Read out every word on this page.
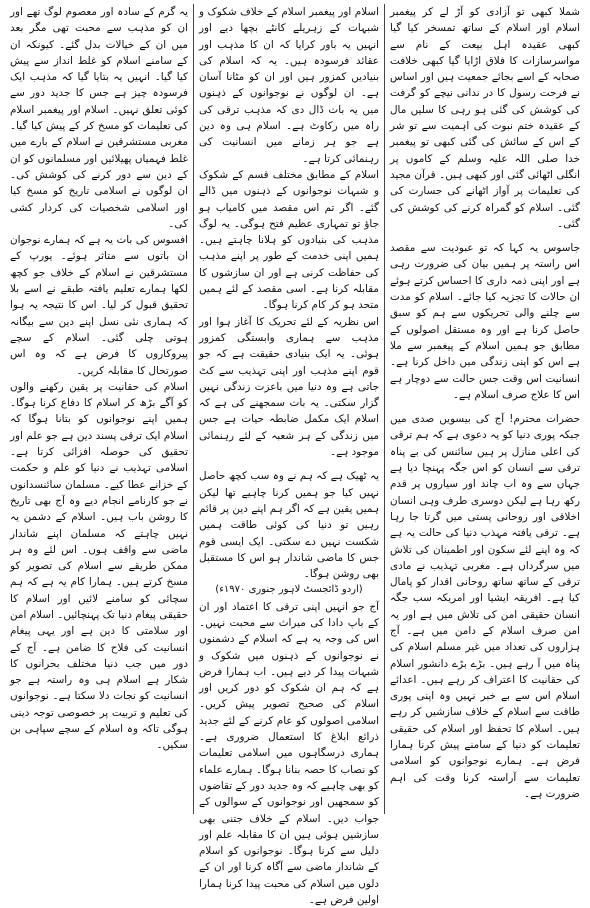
شملا کبھی تو آزادی کو آڑ لے کر پیغمبر اسلام اور اسلام کے ساتھ تمسخر کیا گیا کبھی عقیدہ اہل بیعت کے نام سے مواسرسازات کا فلاق اڑایا گیا کبھی خلافت صحابہ کے اسے بجائے جمعیت ہیں اور اساس نے فرحت رسول کا در ندانی نیچے کو گرفت کی کوشش کی گئی ہو رہی کا سلیں مال کے عقیدہ ختم نبوت کی اہمیت سے تو شر کے اس کے سائش کی گئی کبھی تو پیغمبر خدا صلی اللہ علیہ وسلم کے کاموں پر انگلی اٹھائی گئی اور کبھی ہیں۔ قرآن مجید کی تعلیمات پر آواز اٹھانے کی جسارت کی گئی۔ اسلام کو گمراہ کرنے کی کوشش کی گئی۔

جاسوس یہ کہا کہ تو عبودیت سے مقصد اس راستہ پر ہمیں بیان کی ضرورت رہی ہے اور اپنی ذمہ داری کا احساس کرتے ہوئے ان حالات کا تجزیہ کیا جائے۔ اسلام کو مدت سے چلنے والی تحریکوں سے ہم کو سبق حاصل کرنا ہے اور وہ مستقل اصولوں کے مطابق جو ہمیں اسلام کے پیغمبر سے ملا ہے اس کو اپنی زندگی میں داخل کرنا ہے۔ انسانیت اس وقت جس حالت سے دوچار ہے اس کا علاج صرف اسلام ہے۔

حضرات محترم! آج کی بیسویں صدی میں جبکہ پوری دنیا کو یہ دعوی ہے کہ ہم ترقی کی اعلی منازل پر ہیں سائنس کی بے پناہ ترقی سے انسان کو اس جگہ پہنچا دیا ہے جہاں سے وہ اب چاند اور سیاروں پر قدم رکھ رہا ہے لیکن دوسری طرف وہی انسان اخلاقی اور روحانی پستی میں گرتا جا رہا ہے۔ ترقی یافتہ مہذب دنیا کی حالت یہ ہے کہ وہ اپنے لئے سکون اور اطمینان کی تلاش میں سرگرداں ہے۔ مغربی تہذیب نے مادی ترقی کے ساتھ ساتھ روحانی اقدار کو پامال کیا ہے۔ افریقہ ایشیا اور امریکہ سب جگہ انسان حقیقی امن کی تلاش میں ہے اور یہ امن صرف اسلام کے دامن میں ہے۔ آج ہزاروں کی تعداد میں غیر مسلم اسلام کی پناہ میں آ رہے ہیں۔ بڑے بڑے دانشور اسلام کی حقانیت کا اعتراف کر رہے ہیں۔ اعدائے اسلام اس سے بے خبر نہیں وہ اپنی پوری طاقت سے اسلام کے خلاف سازشیں کر رہے ہیں۔ اسلام کا تحفظ اور اسلام کی حقیقی تعلیمات کو دنیا کے سامنے پیش کرنا ہمارا فرض ہے۔ ہمارے نوجوانوں کو اسلامی تعلیمات سے آراستہ کرنا وقت کی اہم ضرورت ہے۔

اسلام اور پیغمبر اسلام کے خلاف شکوک و شبہات کے زہریلے کانٹے بچھا دیے اور انہیں یہ باور کرایا کہ ان کا مذہب اور عقائد فرسودہ ہیں۔ یہ کہ اسلام کی بنیادیں کمزور ہیں اور ان کو مٹانا آسان ہے۔ ان لوگوں نے نوجوانوں کے ذہنوں میں یہ بات ڈال دی کہ مذہب ترقی کی راہ میں رکاوٹ ہے۔ اسلام ہی وہ دین ہے جو ہر زمانے میں انسانیت کی رہنمائی کرتا ہے۔

اسلام کے مطابق مختلف قسم کے شکوک و شبہات نوجوانوں کے ذہنوں میں ڈالے گئے۔ اگر تم اس مقصد میں کامیاب ہو جاؤ تو تمہاری عظیم فتح ہوگی۔ یہ لوگ مذہب کی بنیادوں کو ہلانا چاہتے ہیں۔ ہمیں اپنی خدمت کے طور پر اپنے مذہب کی حفاظت کرنی ہے اور ان سازشوں کا مقابلہ کرنا ہے۔ اسی مقصد کے لئے ہمیں متحد ہو کر کام کرنا ہوگا۔

اس نظریہ کے لئے تحریک کا آغاز ہوا اور مذہب سے ہماری وابستگی کمزور ہوئی۔ یہ ایک بنیادی حقیقت ہے کہ جو قوم اپنے مذہب اور اپنی تہذیب سے کٹ جاتی ہے وہ دنیا میں باعزت زندگی نہیں گزار سکتی۔ یہ بات سمجھنے کی ہے کہ اسلام ایک مکمل ضابطہ حیات ہے جس میں زندگی کے ہر شعبہ کے لئے رہنمائی موجود ہے۔

یہ ٹھیک ہے کہ ہم نے وہ سب کچھ حاصل نہیں کیا جو ہمیں کرنا چاہیے تھا لیکن ہمیں یقین ہے کہ اگر ہم اپنے دین پر قائم رہیں تو دنیا کی کوئی طاقت ہمیں شکست نہیں دے سکتی۔ ایک ایسی قوم جس کا ماضی شاندار ہو اس کا مستقبل بھی روشن ہوگا۔

(اردو ڈائجسٹ لاہور جنوری ۱۹۷۰ء)

آج جو انہیں اپنی ترقی کا اعتماد اور ان کے باپ دادا کی میراث سے محبت نہیں۔ اس کی وجہ یہ ہے کہ اسلام کے دشمنوں نے نوجوانوں کے ذہنوں میں شکوک و شبہات پیدا کر دیے ہیں۔ اب ہمارا فرض ہے کہ ہم ان شکوک کو دور کریں اور اسلام کی صحیح تصویر پیش کریں۔ اسلامی اصولوں کو عام کرنے کے لئے جدید ذرائع ابلاغ کا استعمال ضروری ہے۔ ہماری درسگاہوں میں اسلامی تعلیمات کو نصاب کا حصہ بنانا ہوگا۔ ہمارے علماء کو بھی چاہیے کہ وہ جدید دور کے تقاضوں کو سمجھیں اور نوجوانوں کے سوالوں کے جواب دیں۔ اسلام کے خلاف جتنی بھی سازشیں ہوئی ہیں ان کا مقابلہ علم اور دلیل سے کرنا ہوگا۔ نوجوانوں کو اسلام کے شاندار ماضی سے آگاہ کرنا اور ان کے دلوں میں اسلام کی محبت پیدا کرنا ہمارا اولین فرض ہے۔

یہ گرم کے سادہ اور معصوم لوگ تھے اور ان کو مذہب سے محبت تھی مگر بعد میں ان کے خیالات بدل گئے۔ کیونکہ ان کے سامنے اسلام کو غلط انداز سے پیش کیا گیا۔ انہیں یہ بتایا گیا کہ مذہب ایک فرسودہ چیز ہے جس کا جدید دور سے کوئی تعلق نہیں۔ اسلام اور پیغمبر اسلام کی تعلیمات کو مسخ کر کے پیش کیا گیا۔ مغربی مستشرقین نے اسلام کے بارے میں غلط فہمیاں پھیلائیں اور مسلمانوں کو ان کے دین سے دور کرنے کی کوشش کی۔ ان لوگوں نے اسلامی تاریخ کو مسخ کیا اور اسلامی شخصیات کی کردار کشی کی۔

افسوس کی بات یہ ہے کہ ہمارے نوجوان ان باتوں سے متاثر ہوئے۔ یورپ کے مستشرقین نے اسلام کے خلاف جو کچھ لکھا ہمارے تعلیم یافتہ طبقے نے اسے بلا تحقیق قبول کر لیا۔ اس کا نتیجہ یہ ہوا کہ ہماری نئی نسل اپنے دین سے بیگانہ ہوتی چلی گئی۔ اسلام کے سچے پیروکاروں کا فرض ہے کہ وہ اس صورتحال کا مقابلہ کریں۔

اسلام کی حقانیت پر یقین رکھنے والوں کو آگے بڑھ کر اسلام کا دفاع کرنا ہوگا۔ ہمیں اپنے نوجوانوں کو بتانا ہوگا کہ اسلام ایک ترقی پسند دین ہے جو علم اور تحقیق کی حوصلہ افزائی کرتا ہے۔ اسلامی تہذیب نے دنیا کو علم و حکمت کے خزانے عطا کیے۔ مسلمان سائنسدانوں نے جو کارنامے انجام دیے وہ آج بھی تاریخ کا روشن باب ہیں۔ اسلام کے دشمن یہ نہیں چاہتے کہ مسلمان اپنے شاندار ماضی سے واقف ہوں۔ اس لئے وہ ہر ممکن طریقے سے اسلام کی تصویر کو مسخ کرتے ہیں۔ ہمارا کام یہ ہے کہ ہم سچائی کو سامنے لائیں اور اسلام کا حقیقی پیغام دنیا تک پہنچائیں۔ اسلام امن اور سلامتی کا دین ہے اور یہی پیغام انسانیت کی فلاح کا ضامن ہے۔ آج کے دور میں جب دنیا مختلف بحرانوں کا شکار ہے اسلام ہی وہ راستہ ہے جو انسانیت کو نجات دلا سکتا ہے۔ نوجوانوں کی تعلیم و تربیت پر خصوصی توجہ دینی ہوگی تاکہ وہ اسلام کے سچے سپاہی بن سکیں۔
